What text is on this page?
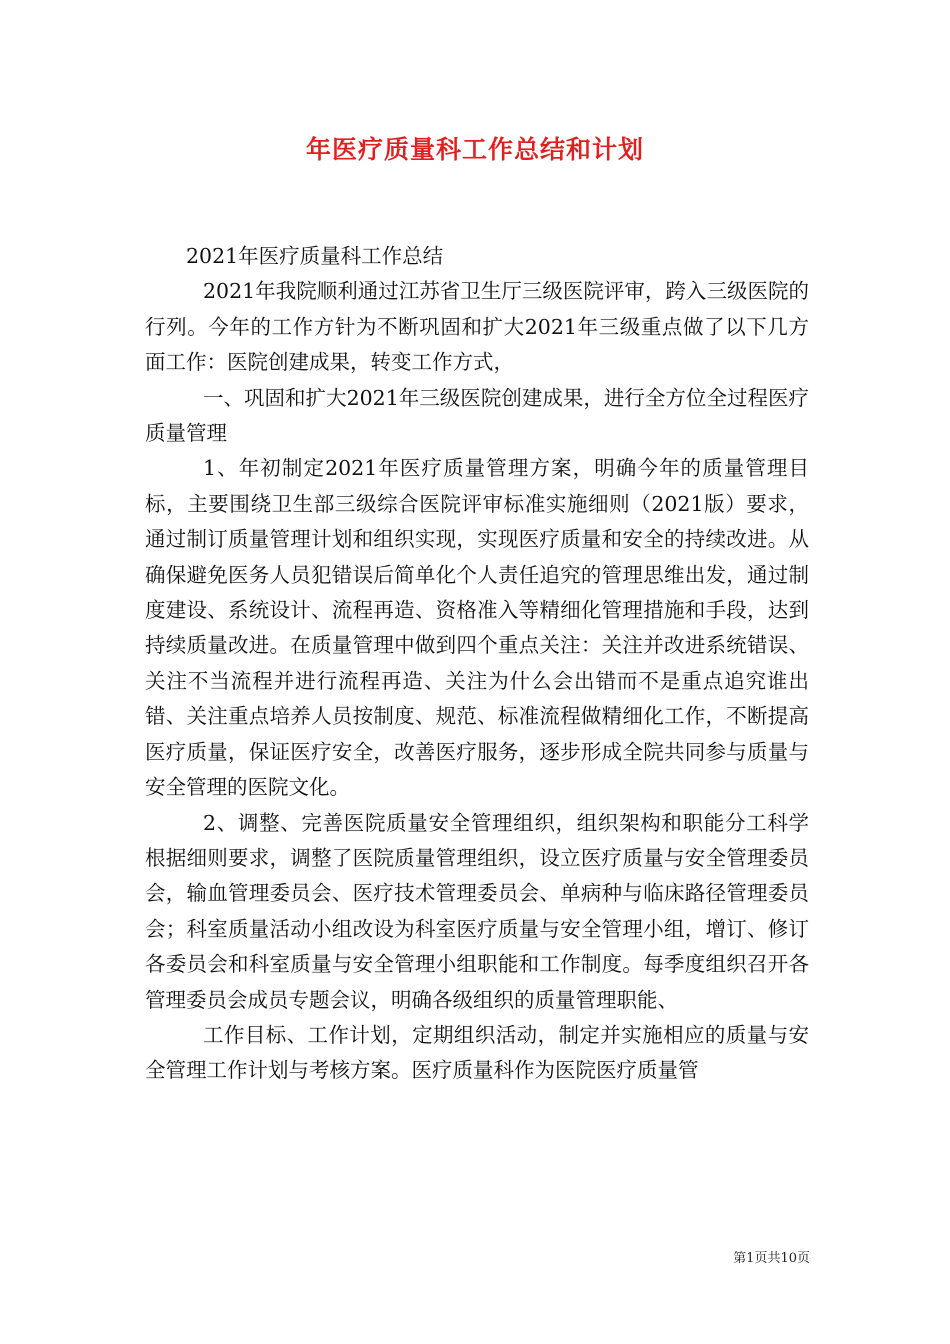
年医疗质量科工作总结和计划

2021年医疗质量科工作总结

2021年我院顺利通过江苏省卫生厅三级医院评审，跨入三级医院的行列。今年的工作方针为不断巩固和扩大2021年三级重点做了以下几方面工作：医院创建成果，转变工作方式，

一、巩固和扩大2021年三级医院创建成果，进行全方位全过程医疗质量管理

1、年初制定2021年医疗质量管理方案，明确今年的质量管理目标，主要围绕卫生部三级综合医院评审标准实施细则（2021版）要求，通过制订质量管理计划和组织实现，实现医疗质量和安全的持续改进。从确保避免医务人员犯错误后简单化个人责任追究的管理思维出发，通过制度建设、系统设计、流程再造、资格准入等精细化管理措施和手段，达到持续质量改进。在质量管理中做到四个重点关注：关注并改进系统错误、关注不当流程并进行流程再造、关注为什么会出错而不是重点追究谁出错、关注重点培养人员按制度、规范、标准流程做精细化工作，不断提高医疗质量，保证医疗安全，改善医疗服务，逐步形成全院共同参与质量与安全管理的医院文化。

2、调整、完善医院质量安全管理组织，组织架构和职能分工科学根据细则要求，调整了医院质量管理组织，设立医疗质量与安全管理委员会，输血管理委员会、医疗技术管理委员会、单病种与临床路径管理委员会；科室质量活动小组改设为科室医疗质量与安全管理小组，增订、修订各委员会和科室质量与安全管理小组职能和工作制度。每季度组织召开各管理委员会成员专题会议，明确各级组织的质量管理职能、

工作目标、工作计划，定期组织活动，制定并实施相应的质量与安全管理工作计划与考核方案。医疗质量科作为医院医疗质量管

第1页共10页
